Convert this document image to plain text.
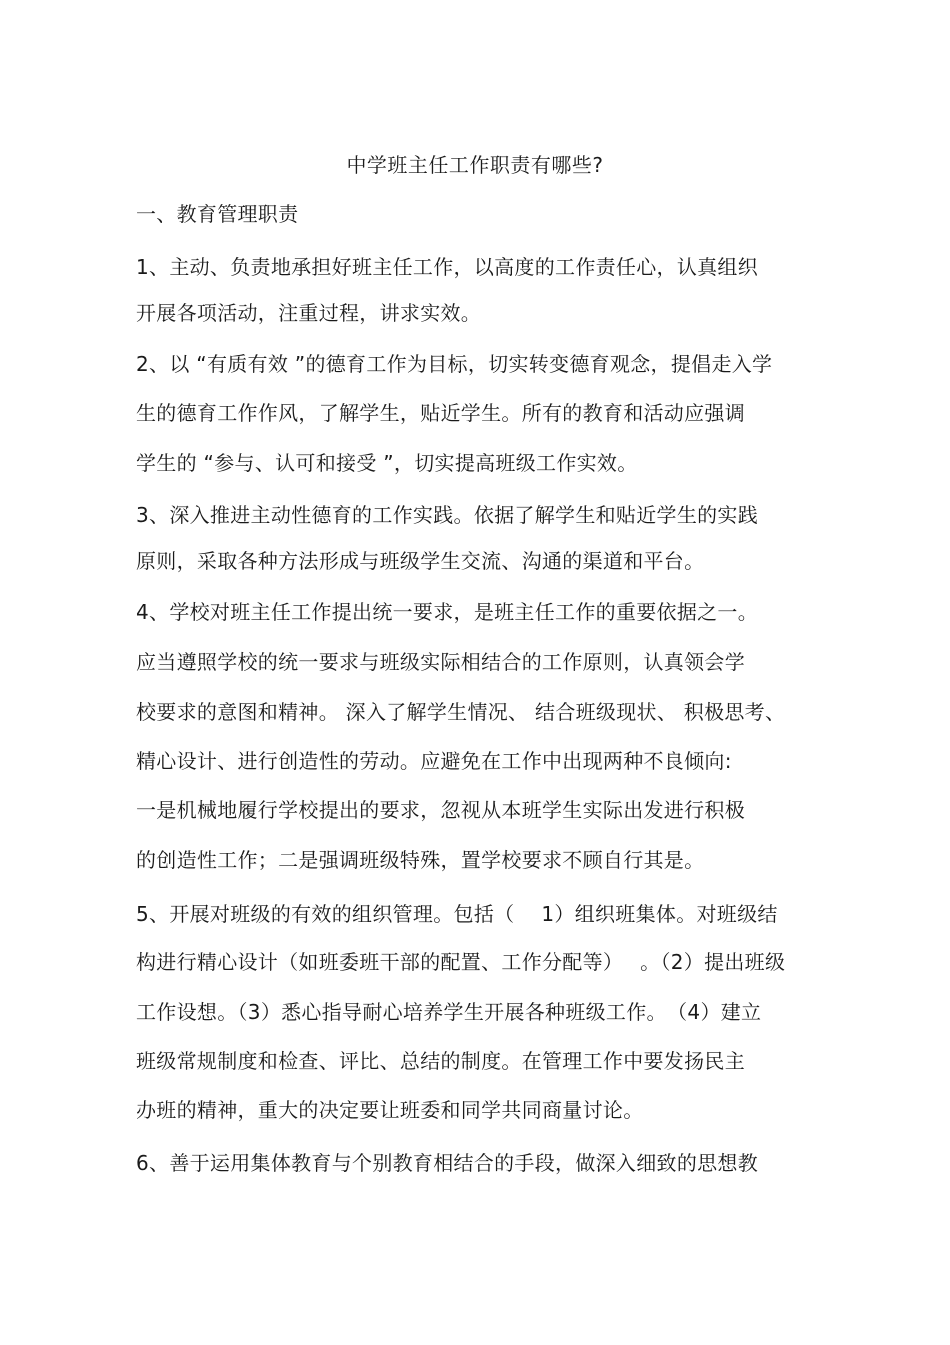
中学班主任工作职责有哪些?
一、教育管理职责
1、主动、负责地承担好班主任工作，以高度的工作责任心，认真组织
开展各项活动，注重过程，讲求实效。
2、以 “有质有效 ”的德育工作为目标，切实转变德育观念，提倡走入学
生的德育工作作风，了解学生，贴近学生。所有的教育和活动应强调
学生的 “参与、认可和接受 ”，切实提高班级工作实效。
3、深入推进主动性德育的工作实践。依据了解学生和贴近学生的实践
原则，采取各种方法形成与班级学生交流、沟通的渠道和平台。
4、学校对班主任工作提出统一要求，是班主任工作的重要依据之一。
应当遵照学校的统一要求与班级实际相结合的工作原则，认真领会学
校要求的意图和精神。 深入了解学生情况、 结合班级现状、 积极思考、
精心设计、进行创造性的劳动。应避免在工作中出现两种不良倾向:
一是机械地履行学校提出的要求，忽视从本班学生实际出发进行积极
的创造性工作；二是强调班级特殊，置学校要求不顾自行其是。
5、开展对班级的有效的组织管理。包括（　 1）组织班集体。对班级结
构进行精心设计（如班委班干部的配置、工作分配等）　 。（2）提出班级
工作设想。（3）悉心指导耐心培养学生开展各种班级工作。　（4）建立
班级常规制度和检查、评比、总结的制度。在管理工作中要发扬民主
办班的精神，重大的决定要让班委和同学共同商量讨论。
6、善于运用集体教育与个别教育相结合的手段，做深入细致的思想教
